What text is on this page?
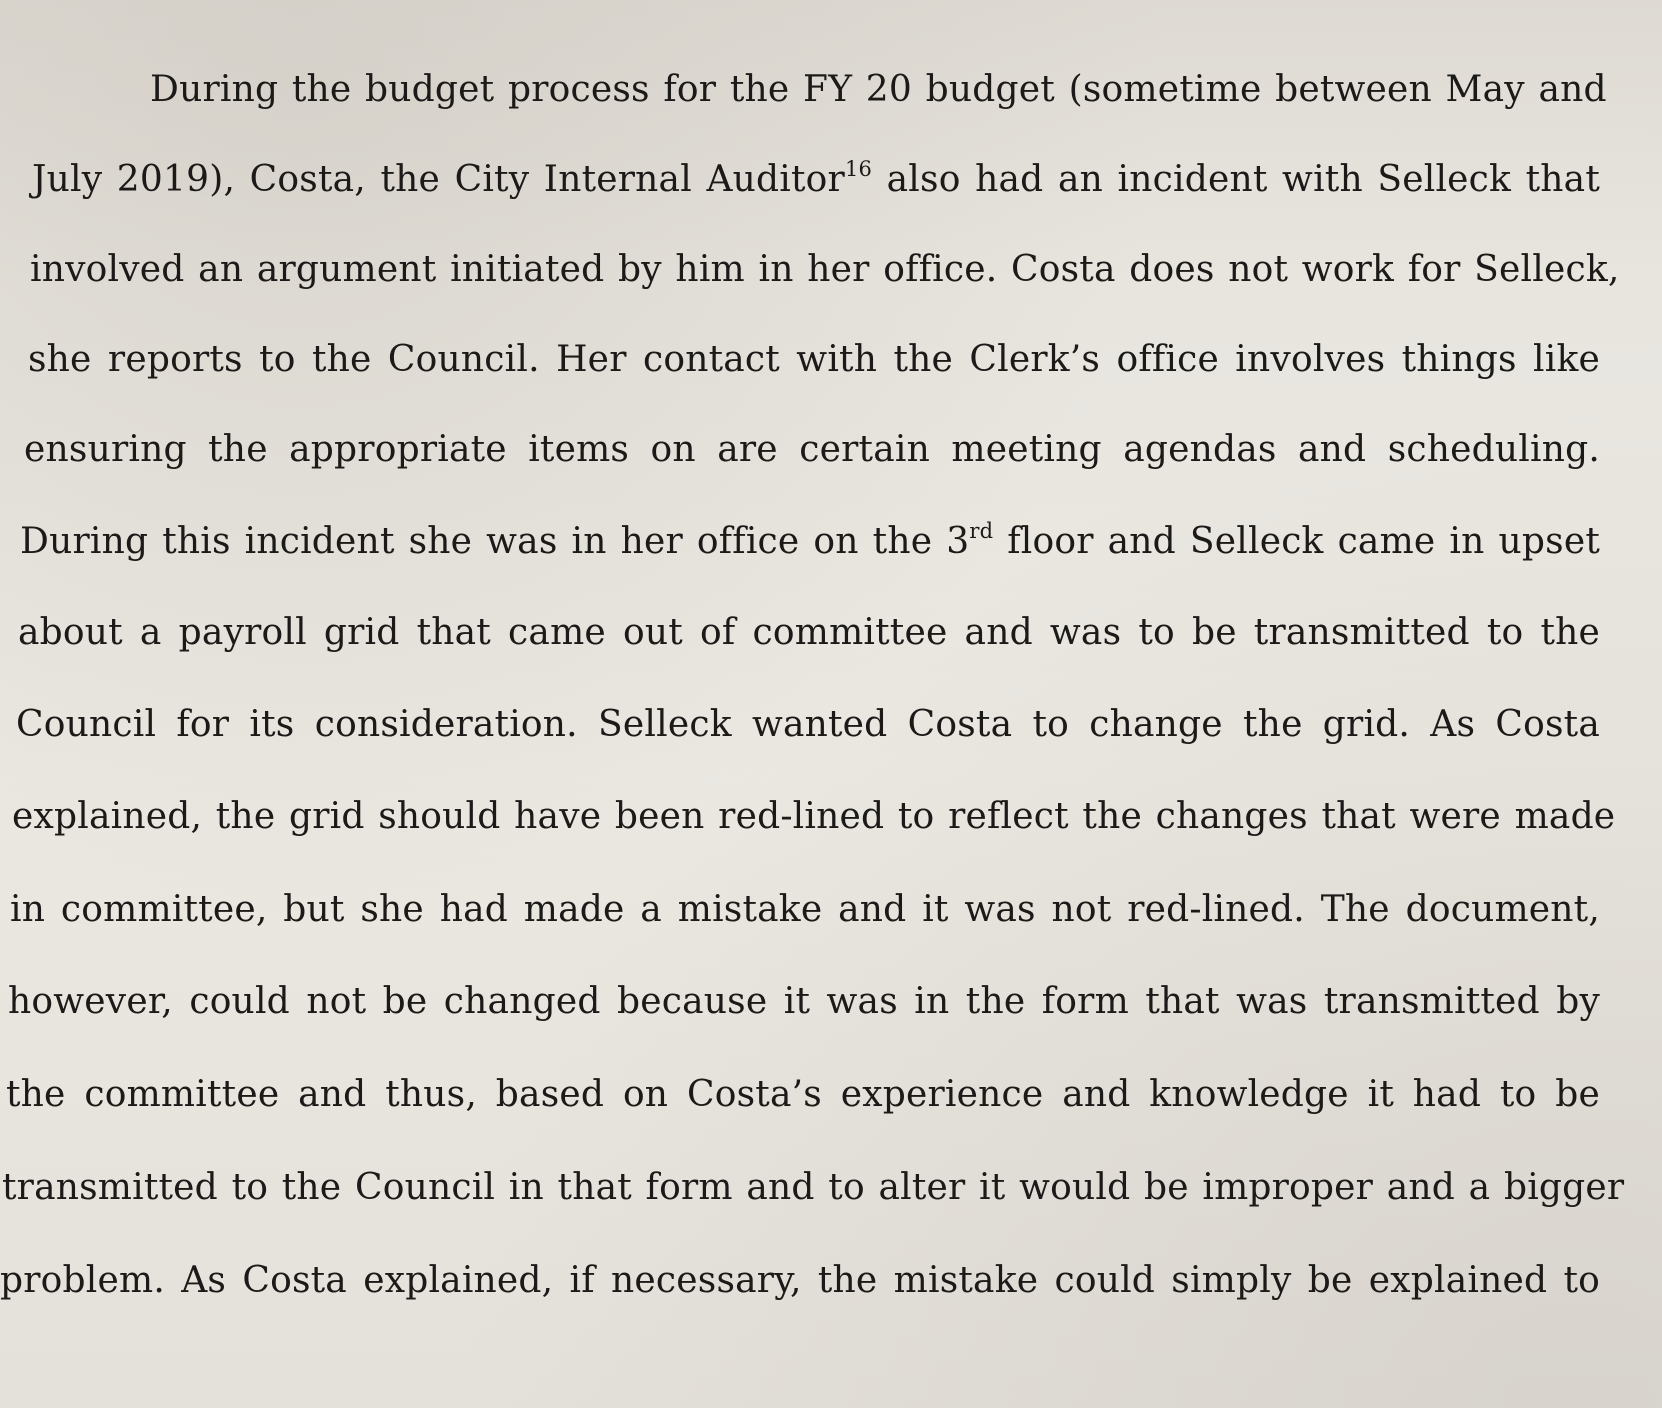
During the budget process for the FY 20 budget (sometime between May and
July 2019), Costa, the City Internal Auditor$^{16}$ also had an incident with Selleck that
involved an argument initiated by him in her office. Costa does not work for Selleck,
she reports to the Council. Her contact with the Clerk’s office involves things like
ensuring the appropriate items on are certain meeting agendas and scheduling.
During this incident she was in her office on the 3rd floor and Selleck came in upset
about a payroll grid that came out of committee and was to be transmitted to the
Council for its consideration. Selleck wanted Costa to change the grid. As Costa
explained, the grid should have been red-lined to reflect the changes that were made
in committee, but she had made a mistake and it was not red-lined. The document,
however, could not be changed because it was in the form that was transmitted by
the committee and thus, based on Costa’s experience and knowledge it had to be
transmitted to the Council in that form and to alter it would be improper and a bigger
problem. As Costa explained, if necessary, the mistake could simply be explained to
